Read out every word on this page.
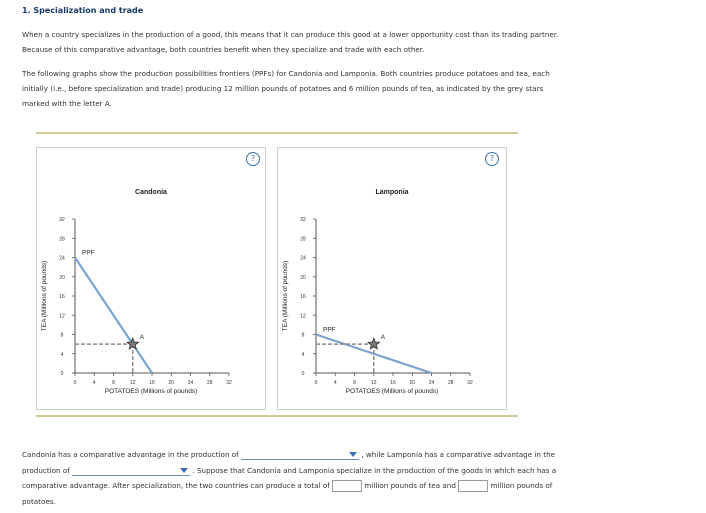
1. Specialization and trade
When a country specializes in the production of a good, this means that it can produce this good at a lower opportunity cost than its trading partner.
Because of this comparative advantage, both countries benefit when they specialize and trade with each other.
The following graphs show the production possibilities frontiers (PPFs) for Candonia and Lamponia. Both countries produce potatoes and tea, each
initially (i.e., before specialization and trade) producing 12 million pounds of potatoes and 6 million pounds of tea, as indicated by the grey stars
marked with the letter A.
?
Candonia
0	4	8	12	16	20	24	28	32
0
4
8
12
16
20
24
28
32
POTATOES (Millions of pounds)
TEA (Millions of pounds)
PPF
A
?
Lamponia
0	4	8	12	16	20	24	28	32
0
4
8
12
16
20
24
28
32
POTATOES (Millions of pounds)
TEA (Millions of pounds)	PPF
A
Candonia has a comparative advantage in the production of	, while Lamponia has a comparative advantage in the
production of	. Suppose that Candonia and Lamponia specialize in the production of the goods in which each has a
comparative advantage. After specialization, the two countries can produce a total of	million pounds of tea and	million pounds of
potatoes.
